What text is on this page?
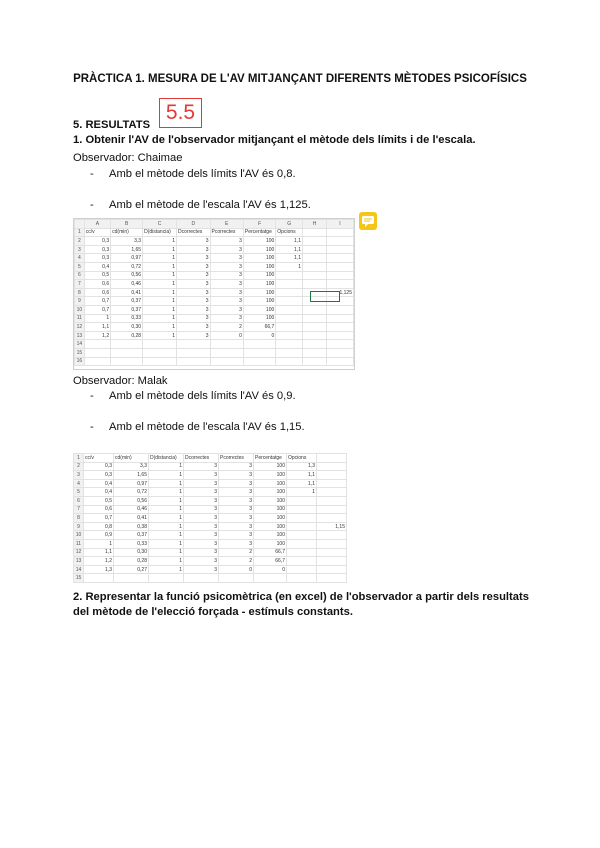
PRÀCTICA 1. MESURA DE L'AV MITJANÇANT DIFERENTS MÈTODES PSICOFÍSICS
5. RESULTATS
5.5
1. Obtenir l'AV de l'observador mitjançant el mètode dels límits i de l'escala.
Observador: Chaimae
- Amb el mètode dels límits l'AV és 0,8.
- Amb el mètode de l'escala l'AV és 1,125.
	A	B	C	D	E	F	G	H	I
1	cc/v	cd(min)	D(distancia)	Dcorrectes	Pcorrectes	Percentatge	Opcions		
2	0,3	3,3	1	3	3	100	1,1		
3	0,3	1,65	1	3	3	100	1,1		
4	0,3	0,97	1	3	3	100	1,1		
5	0,4	0,72	1	3	3	100	1		
6	0,5	0,56	1	3	3	100			
7	0,6	0,46	1	3	3	100			
8	0,6	0,41	1	3	3	100			1,125
9	0,7	0,37	1	3	3	100			
10	0,7	0,37	1	3	3	100			
11	1	0,33	1	3	3	100			
12	1,1	0,30	1	3	2	66,7			
13	1,2	0,28	1	3	0	0			
14									
15									
16									
Observador: Malak
- Amb el mètode dels límits l'AV és 0,9.
- Amb el mètode de l'escala l'AV és 1,15.
1	cc/v	cd(min)	D(distancia)	Dcorrectes	Pcorrectes	Percentatge	Opcions	
2	0,3	3,3	1	3	3	100	1,3	
3	0,3	1,65	1	3	3	100	1,1	
4	0,4	0,97	1	3	3	100	1,1	
5	0,4	0,72	1	3	3	100	1	
6	0,5	0,56	1	3	3	100		
7	0,6	0,46	1	3	3	100		
8	0,7	0,41	1	3	3	100		
9	0,8	0,38	1	3	3	100		1,15
10	0,9	0,37	1	3	3	100		
11	1	0,33	1	3	3	100		
12	1,1	0,30	1	3	2	66,7		
13	1,2	0,28	1	3	2	66,7		
14	1,3	0,27	1	3	0	0		
15								
2. Representar la funció psicomètrica (en excel) de l'observador a partir dels resultats del mètode de l'elecció forçada - estímuls constants.
